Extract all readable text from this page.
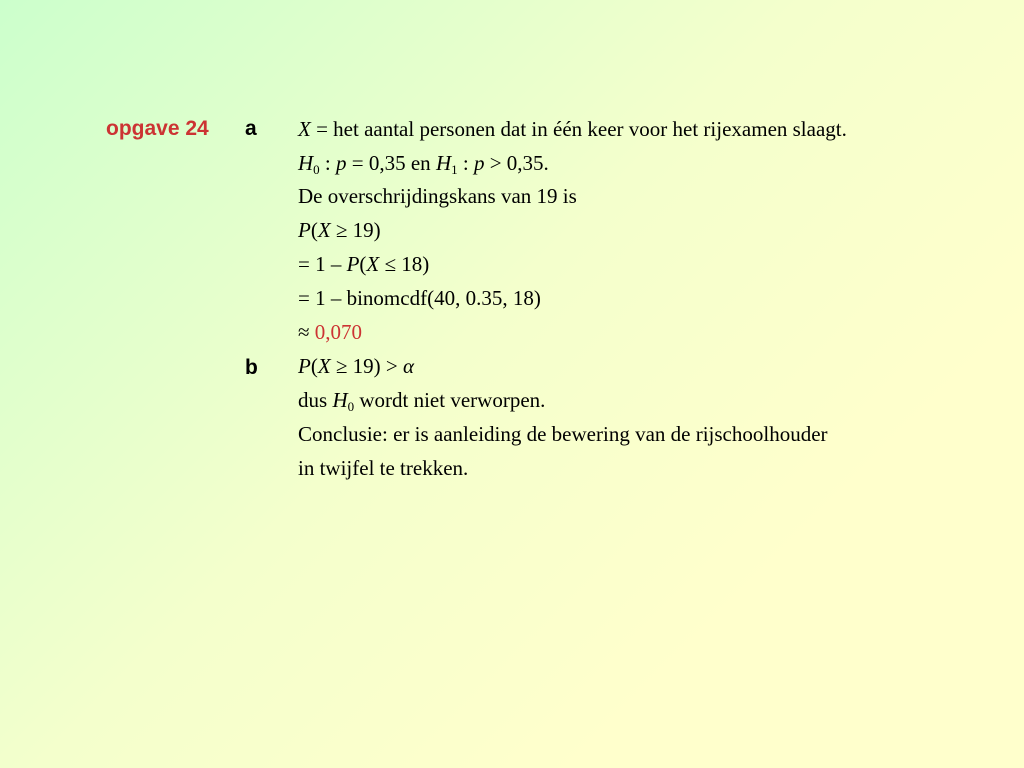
opgave 24 a X = het aantal personen dat in één keer voor het rijexamen slaagt.
$H_0$ : p = 0,35 en $H_1$ : p > 0,35.
De overschrijdingskans van 19 is
P(X ≥ 19)
= 1 – P(X ≤ 18)
= 1 – binomcdf(40, 0.35, 18)
≈ 0,070
b P(X ≥ 19) > α
dus $H_0$ wordt niet verworpen.
Conclusie: er is aanleiding de bewering van de rijschoolhouder
in twijfel te trekken.
